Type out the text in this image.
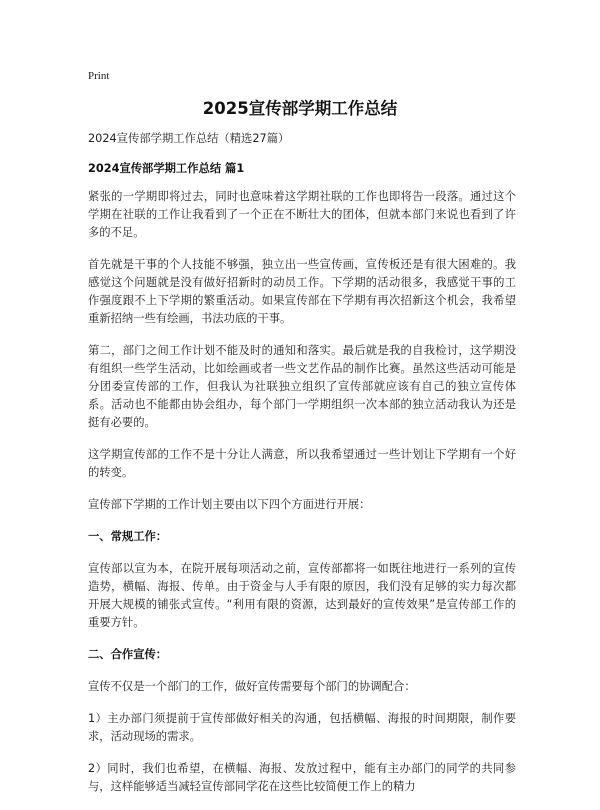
Print
2025宣传部学期工作总结
2024宣传部学期工作总结（精选27篇）
2024宣传部学期工作总结 篇1

紧张的一学期即将过去，同时也意味着这学期社联的工作也即将告一段落。通过这个学期在社联的工作让我看到了一个正在不断壮大的团体，但就本部门来说也看到了许多的不足。

首先就是干事的个人技能不够强，独立出一些宣传画，宣传板还是有很大困难的。我感觉这个问题就是没有做好招新时的动员工作。下学期的活动很多，我感觉干事的工作强度跟不上下学期的繁重活动。如果宣传部在下学期有再次招新这个机会，我希望重新招纳一些有绘画，书法功底的干事。

第二，部门之间工作计划不能及时的通知和落实。最后就是我的自我检讨，这学期没有组织一些学生活动，比如绘画或者一些文艺作品的制作比赛。虽然这些活动可能是分团委宣传部的工作，但我认为社联独立组织了宣传部就应该有自己的独立宣传体系。活动也不能都由协会组办，每个部门一学期组织一次本部的独立活动我认为还是挺有必要的。

这学期宣传部的工作不是十分让人满意，所以我希望通过一些计划让下学期有一个好的转变。

宣传部下学期的工作计划主要由以下四个方面进行开展：

一、常规工作：

宣传部以宣为本，在院开展每项活动之前，宣传部都将一如既往地进行一系列的宣传造势，横幅、海报、传单。由于资金与人手有限的原因，我们没有足够的实力每次都开展大规模的铺张式宣传。“利用有限的资源，达到最好的宣传效果”是宣传部工作的重要方针。

二、合作宣传：

宣传不仅是一个部门的工作，做好宣传需要每个部门的协调配合：

1）主办部门须提前于宣传部做好相关的沟通，包括横幅、海报的时间期限，制作要求，活动现场的需求。

2）同时，我们也希望，在横幅、海报、发放过程中，能有主办部门的同学的共同参与，这样能够适当减轻宣传部同学花在这些比较简便工作上的精力
